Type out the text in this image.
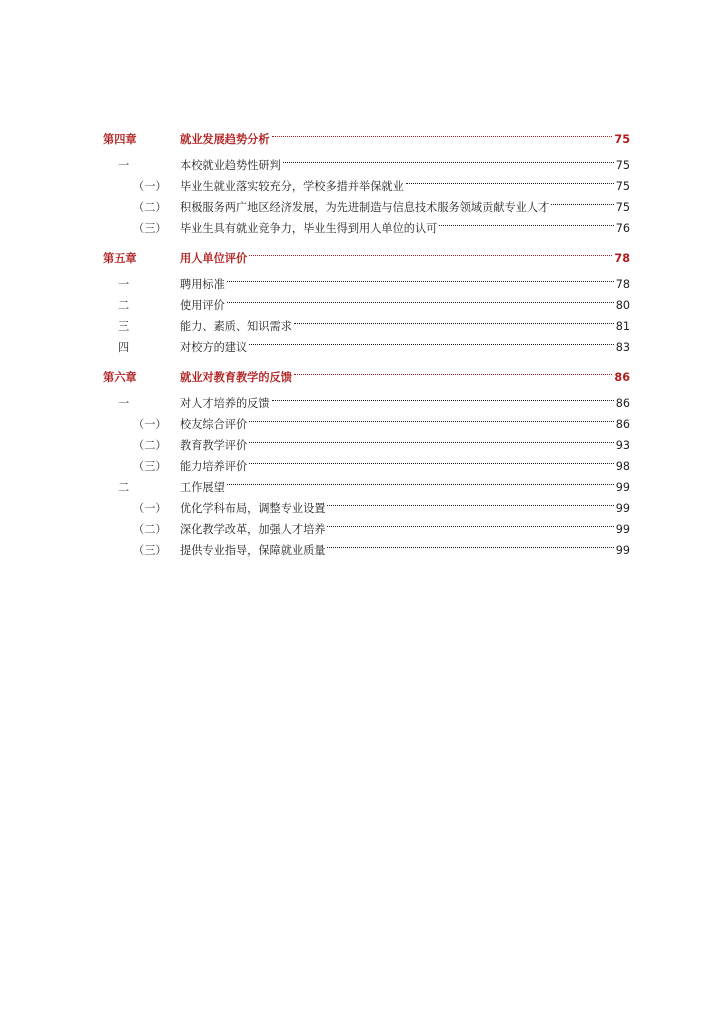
第四章	就业发展趋势分析	75
一	本校就业趋势性研判	75
（一）	毕业生就业落实较充分，学校多措并举保就业	75
（二）	积极服务两广地区经济发展，为先进制造与信息技术服务领域贡献专业人才	75
（三）	毕业生具有就业竞争力，毕业生得到用人单位的认可	76
第五章	用人单位评价	78
一	聘用标准	78
二	使用评价	80
三	能力、素质、知识需求	81
四	对校方的建议	83
第六章	就业对教育教学的反馈	86
一	对人才培养的反馈	86
（一）	校友综合评价	86
（二）	教育教学评价	93
（三）	能力培养评价	98
二	工作展望	99
（一）	优化学科布局，调整专业设置	99
（二）	深化教学改革，加强人才培养	99
（三）	提供专业指导，保障就业质量	99
